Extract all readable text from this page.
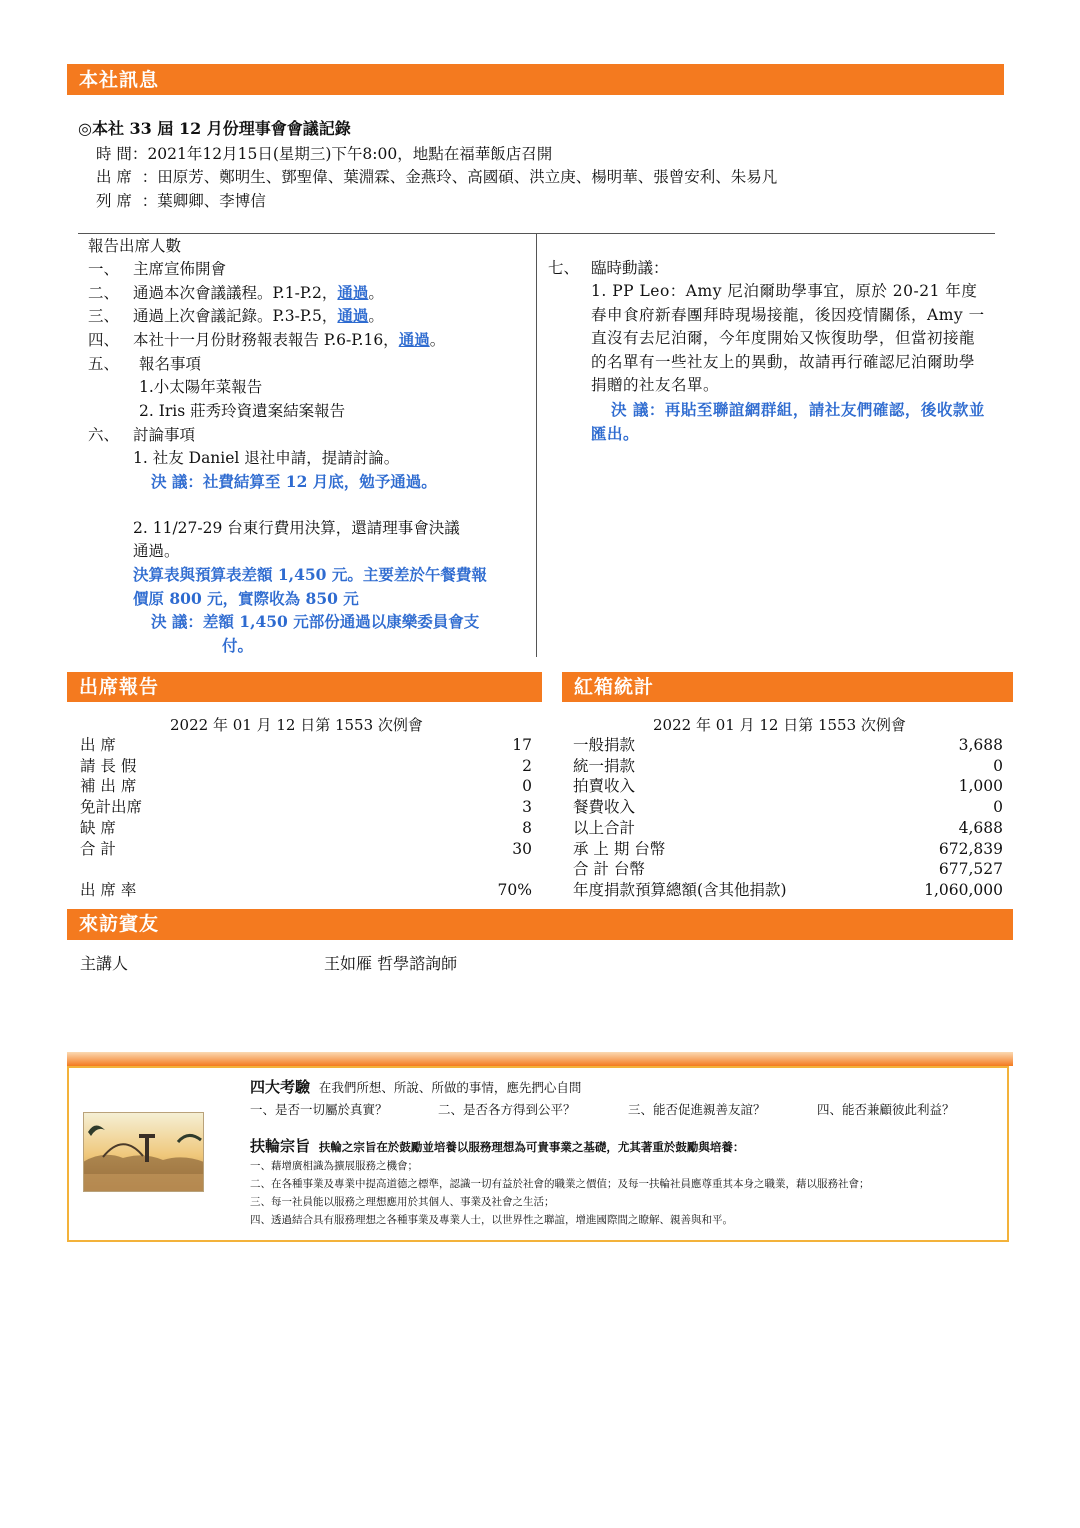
本社訊息
◎本社 33 屆 12 月份理事會會議記錄
時 間：2021年12月15日(星期三)下午8:00，地點在福華飯店召開
出 席 ：田原芳、鄭明生、鄧聖偉、葉淵霖、金燕玲、高國碩、洪立庚、楊明華、張曾安利、朱易凡
列 席 ：葉卿卿、李博信
報告出席人數
一、 主席宣佈開會
二、 通過本次會議議程。P.1-P.2，通過。
三、 通過上次會議記錄。P.3-P.5，通過。
四、 本社十一月份財務報表報告 P.6-P.16，通過。
五、 報名事項
1.小太陽年菜報告
2. Iris 莊秀玲資遺案結案報告
六、 討論事項
1. 社友 Daniel 退社申請，提請討論。
決 議：社費結算至 12 月底，勉予通過。
2. 11/27-29 台東行費用決算，還請理事會決議
通過。
決算表與預算表差額 1,450 元。主要差於午餐費報
價原 800 元，實際收為 850 元
決 議：差額 1,450 元部份通過以康樂委員會支
付。
七、 臨時動議：
1. PP Leo：Amy 尼泊爾助學事宜，原於 20-21 年度春申食府新春團拜時現場接龍，後因疫情關係，Amy 一直沒有去尼泊爾，今年度開始又恢復助學，但當初接龍的名單有一些社友上的異動，故請再行確認尼泊爾助學捐贈的社友名單。
決 議：再貼至聯誼網群組，請社友們確認，後收款並匯出。
出席報告
2022 年 01 月 12 日第 1553 次例會
出 席	17
請 長 假	2
補 出 席	0
免計出席	3
缺 席	8
合 計	30
出 席 率	70%
紅箱統計
2022 年 01 月 12 日第 1553 次例會
一般捐款	3,688
統一捐款	0
拍賣收入	1,000
餐費收入	0
以上合計	4,688
承 上 期 台幣	672,839
合 計 台幣	677,527
年度捐款預算總額(含其他捐款)	1,060,000
來訪賓友
主講人	王如雁 哲學諮詢師
四大考驗 在我們所想、所說、所做的事情，應先捫心自問
一、是否一切屬於真實？	二、是否各方得到公平？	三、能否促進親善友誼？	四、能否兼顧彼此利益？
扶輪宗旨 扶輪之宗旨在於鼓勵並培養以服務理想為可貴事業之基礎，尤其著重於鼓勵與培養：
一、藉增廣相識為擴展服務之機會；
二、在各種事業及專業中提高道德之標準，認識一切有益於社會的職業之價值；及每一扶輪社員應尊重其本身之職業，藉以服務社會；
三、每一社員能以服務之理想應用於其個人、事業及社會之生活；
四、透過結合具有服務理想之各種事業及專業人士，以世界性之聯誼，增進國際間之瞭解、親善與和平。
